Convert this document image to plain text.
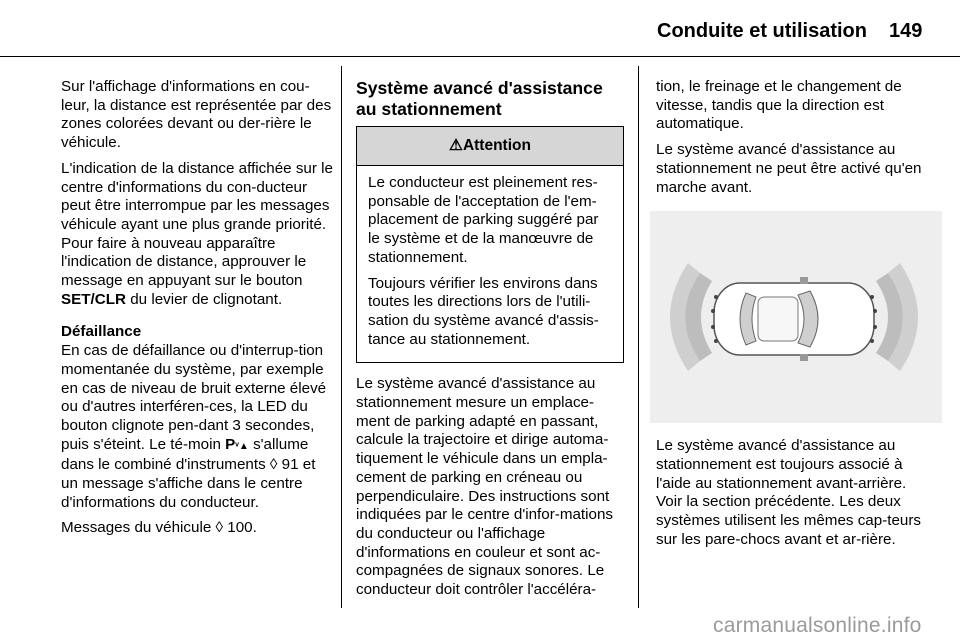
Conduite et utilisation 149

Sur l'affichage d'informations en cou-leur, la distance est représentée par des zones colorées devant ou der-rière le véhicule.

L'indication de la distance affichée sur le centre d'informations du con-ducteur peut être interrompue par les messages véhicule ayant une plus grande priorité. Pour faire à nouveau apparaître l'indication de distance, approuver le message en appuyant sur le bouton SET/CLR du levier de clignotant.

Défaillance

En cas de défaillance ou d'interrup-tion momentanée du système, par exemple en cas de niveau de bruit externe élevé ou d'autres interféren-ces, la LED du bouton clignote pen-dant 3 secondes, puis s'éteint. Le té-moin Pᵛ▲ s'allume dans le combiné d'instruments ◊ 91 et un message s'affiche dans le centre d'informations du conducteur.

Messages du véhicule ◊ 100.

Système avancé d'assistance au stationnement
⚠Attention

Le conducteur est pleinement res-ponsable de l'acceptation de l'em-placement de parking suggéré par le système et de la manœuvre de stationnement.

Toujours vérifier les environs dans toutes les directions lors de l'utili-sation du système avancé d'assis-tance au stationnement.

Le système avancé d'assistance au stationnement mesure un emplace-ment de parking adapté en passant, calcule la trajectoire et dirige automa-tiquement le véhicule dans un empla-cement de parking en créneau ou perpendiculaire. Des instructions sont indiquées par le centre d'infor-mations du conducteur ou l'affichage d'informations en couleur et sont ac-compagnées de signaux sonores. Le conducteur doit contrôler l'accéléra-

tion, le freinage et le changement de vitesse, tandis que la direction est automatique.

Le système avancé d'assistance au stationnement ne peut être activé qu'en marche avant.

Le système avancé d'assistance au stationnement est toujours associé à l'aide au stationnement avant-arrière. Voir la section précédente. Les deux systèmes utilisent les mêmes cap-teurs sur les pare-chocs avant et ar-rière.

carmanualsonline.info
